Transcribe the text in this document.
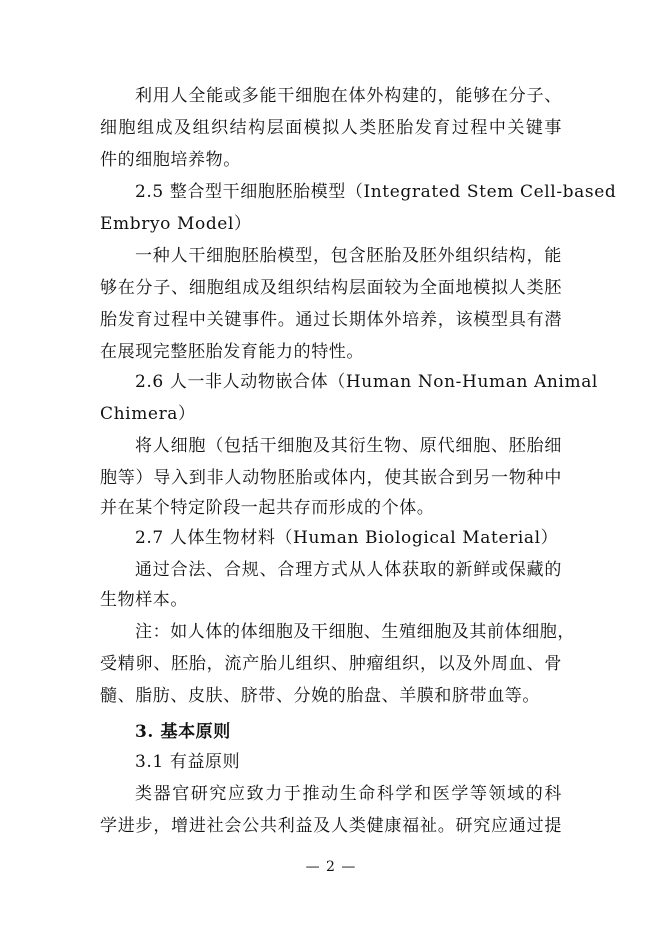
利用人全能或多能干细胞在体外构建的，能够在分子、
细胞组成及组织结构层面模拟人类胚胎发育过程中关键事
件的细胞培养物。
2.5 整合型干细胞胚胎模型（Integrated Stem Cell-based
Embryo Model）
一种人干细胞胚胎模型，包含胚胎及胚外组织结构，能
够在分子、细胞组成及组织结构层面较为全面地模拟人类胚
胎发育过程中关键事件。通过长期体外培养，该模型具有潜
在展现完整胚胎发育能力的特性。
2.6 人一非人动物嵌合体（Human Non-Human Animal
Chimera）
将人细胞（包括干细胞及其衍生物、原代细胞、胚胎细
胞等）导入到非人动物胚胎或体内，使其嵌合到另一物种中
并在某个特定阶段一起共存而形成的个体。
2.7 人体生物材料（Human Biological Material）
通过合法、合规、合理方式从人体获取的新鲜或保藏的
生物样本。
注：如人体的体细胞及干细胞、生殖细胞及其前体细胞，
受精卵、胚胎，流产胎儿组织、肿瘤组织，以及外周血、骨
髓、脂肪、皮肤、脐带、分娩的胎盘、羊膜和脐带血等。
3. 基本原则
3.1 有益原则
类器官研究应致力于推动生命科学和医学等领域的科
学进步，增进社会公共利益及人类健康福祉。研究应通过提
— 2 —
